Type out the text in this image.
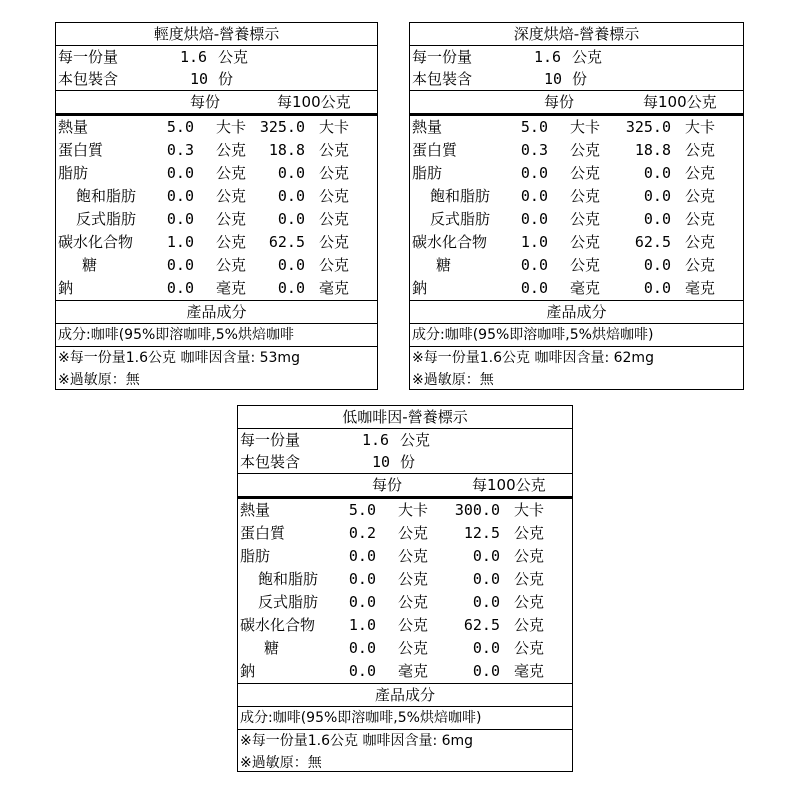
輕度烘焙-營養標示
每一份量	1.6 公克
本包裝含	10 份
每份	每100公克
熱量	5.0 大卡 325.0 大卡
蛋白質	0.3 公克	18.8 公克
脂肪	0.0 公克	0.0 公克
飽和脂肪	0.0 公克	0.0 公克
反式脂肪	0.0 公克	0.0 公克
碳水化合物	1.0 公克	62.5 公克
糖	0.0 公克	0.0 公克
鈉	0.0 毫克	0.0 毫克
產品成分
成分:咖啡(95%即溶咖啡,5%烘焙咖啡
※每一份量1.6公克 咖啡因含量: 53mg
※過敏原：無
深度烘焙-營養標示
每一份量	1.6 公克
本包裝含	10 份
每份	每100公克
熱量	5.0 大卡	325.0 大卡
蛋白質	0.3 公克	18.8 公克
脂肪	0.0 公克	0.0 公克
飽和脂肪	0.0 公克	0.0 公克
反式脂肪	0.0 公克	0.0 公克
碳水化合物	1.0 公克	62.5 公克
糖	0.0 公克	0.0 公克
鈉	0.0 毫克	0.0 毫克
產品成分
成分:咖啡(95%即溶咖啡,5%烘焙咖啡)
※每一份量1.6公克 咖啡因含量: 62mg
※過敏原：無
低咖啡因-營養標示
每一份量	1.6 公克
本包裝含	10 份
每份	每100公克
熱量	5.0 大卡	300.0 大卡
蛋白質	0.2 公克	12.5 公克
脂肪	0.0 公克	0.0 公克
飽和脂肪	0.0 公克	0.0 公克
反式脂肪	0.0 公克	0.0 公克
碳水化合物	1.0 公克	62.5 公克
糖	0.0 公克	0.0 公克
鈉	0.0 毫克	0.0 毫克
產品成分
成分:咖啡(95%即溶咖啡,5%烘焙咖啡)
※每一份量1.6公克 咖啡因含量: 6mg
※過敏原：無
